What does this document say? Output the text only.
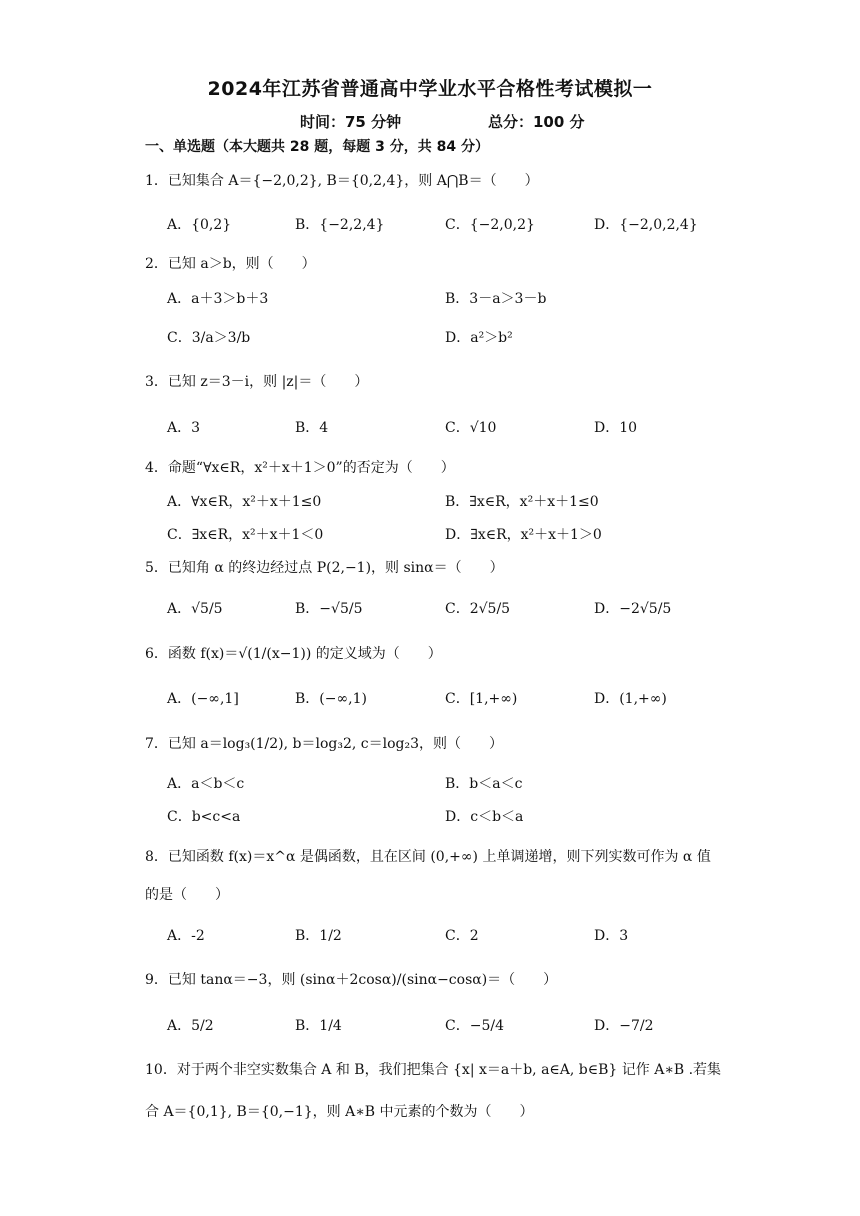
2024年江苏省普通高中学业水平合格性考试模拟一
时间：75 分钟	总分：100 分
一、单选题（本大题共 28 题，每题 3 分，共 84 分）
1．已知集合 A＝{−2,0,2}, B＝{0,2,4}，则 A⋂B＝（　　）
A．{0,2}	B．{−2,2,4}	C．{−2,0,2}	D．{−2,0,2,4}
2．已知 a＞b，则（　　）
A．a＋3＞b＋3	B．3－a＞3－b
C．3/a＞3/b	D．a²＞b²
3．已知 z＝3－i，则 |z|＝（　　）
A．3	B．4	C．√10	D．10
4．命题“∀x∈R，x²＋x＋1＞0”的否定为（　　）
A．∀x∈R，x²＋x＋1≤0	B．∃x∈R，x²＋x＋1≤0
C．∃x∈R，x²＋x＋1＜0	D．∃x∈R，x²＋x＋1＞0
5．已知角 α 的终边经过点 P(2,−1)，则 sinα＝（　　）
A．√5/5	B．−√5/5	C．2√5/5	D．−2√5/5
6．函数 f(x)＝√(1/(x−1)) 的定义域为（　　）
A．(−∞,1]	B．(−∞,1)	C．[1,+∞)	D．(1,+∞)
7．已知 a＝log₃(1/2), b＝log₃2, c＝log₂3，则（　　）
A．a＜b＜c	B．b＜a＜c
C．b<c<a	D．c＜b＜a
8．已知函数 f(x)＝x^α 是偶函数，且在区间 (0,+∞) 上单调递增，则下列实数可作为 α 值
的是（　　）
A．-2	B．1/2	C．2	D．3
9．已知 tanα＝−3，则 (sinα＋2cosα)/(sinα−cosα)＝（　　）
A．5/2	B．1/4	C．−5/4	D．−7/2
10．对于两个非空实数集合 A 和 B，我们把集合 {x| x＝a＋b, a∈A, b∈B} 记作 A∗B .若集
合 A＝{0,1}, B＝{0,−1}，则 A∗B 中元素的个数为（　　）
